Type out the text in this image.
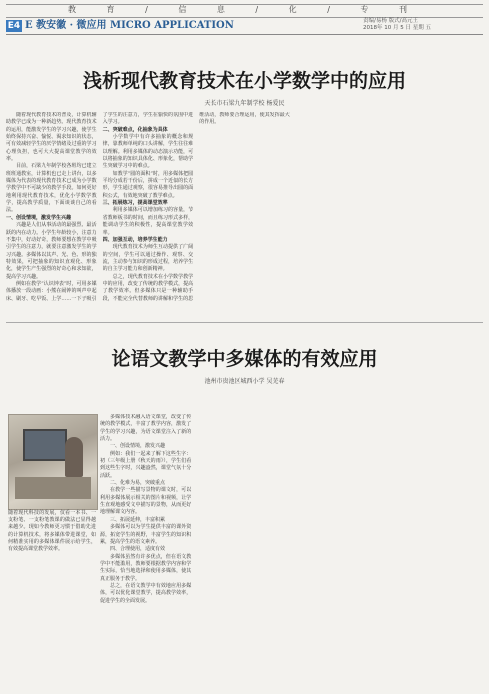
教 育 / 信 息 / 化 / 专 刊
E4 E 教安徽 · 微应用 MICRO APPLICATION	责编/易杨 版式/高元王
2018年 10 月 5 日 星期 五
浅析现代教育技术在小学数学中的应用
天长市石梁九年制学校 杨爱民

随着现代教育技术的普及，计算机辅助教学已成为一种新趋势。现代教育技术的运用，能激发学生的学习兴趣，使学生始终保持兴奋、愉悦、渴求知识的状态，可有效减轻学生的厌学情绪及过重的学习心理负担，也可大大提高课堂教学的效率。

目前，石梁九年制学校各班均已建立班班通教室，计算机也已走上讲台，以多媒体为代表的现代教育技术已成为小学数学教学中不可缺少的教学手段。如何更好地利用现代教育技术，优化小学数学教学，提高教学质量，下面谈谈自己的看法。

一、创设情境，激发学生兴趣

兴趣是人们从事活动的最强烈、最活跃的内在动力。小学生年龄较小，注意力不集中，好动好奇，教师要想在教学中吸引学生的注意力，就要注意激发学生的学习兴趣。多媒体以其声、光、色、形的独特效果，可把抽象的知识直观化、形象化，使学生产生强烈的好奇心和求知欲，提高学习兴趣。

例如在教学“认识钟表”时，可用多媒体播放一段动画：小熊在闹钟的叫声中起床、刷牙、吃早饭、上学……一下子吸引了学生的注意力，学生在愉快的氛围中进入学习。

二、突破难点，化抽象为具体

小学数学中有许多抽象的概念和规律，靠教师单纯的口头讲解，学生往往难以理解。利用多媒体的动态演示功能，可以将抽象的知识具体化、形象化，帮助学生突破学习中的难点。

如教学“圆的面积”时，用多媒体把圆平均分成若干份后，拼成一个近似的长方形，学生通过观察，很容易推导出圆的面积公式，有效地突破了教学难点。

三、拓展练习，提高课堂效率

利用多媒体可以增加练习的容量，节省教师板书的时间，而且练习形式多样，能调动学生的积极性，提高课堂教学效率。

四、加强互动，培养学生能力

现代教育技术为师生互动提供了广阔的空间，学生可以通过操作、观察、交流，主动参与知识的形成过程，培养学生的自主学习能力和创新精神。

总之，现代教育技术在小学数学教学中的应用，改变了传统的教学模式，提高了教学效率。但多媒体只是一种辅助手段，不能完全代替教师的讲解和学生的思维活动，教师要合理运用，使其发挥最大的作用。

论语文教学中多媒体的有效应用
池州市贵池区城西小学 吴芜春
随着现代科技的发展，仅看一本书、一支粉笔、一支粉笔教课的做法已显得越来越少。现如今教师更习惯于借助先进的计算机技术，将多媒体带进课堂，如何精准实用的多媒体课件展示给学生，有效提高课堂教学效率。

多媒体技术融入语文课堂，改变了传统的教学模式，丰富了教学内容，激发了学生的学习兴趣，为语文课堂注入了新的活力。

一、创设情境，激发兴趣

例如：我们一起来了解下这些生字：初（三年级上册《秋天的雨》），学生们看到这些生字时，兴趣盎然，课堂气氛十分活跃。

二、化难为易，突破重点

在教学一些描写景物的课文时，可以利用多媒体展示相关的图片和视频，让学生直观地感受文中描写的景物，从而更好地理解课文内容。

三、拓展延伸，丰富积累

多媒体可以为学生提供丰富的课外资源，拓宽学生的视野，丰富学生的知识积累，提高学生的语文素养。

四、合理使用，适度有效

多媒体虽然有许多优点，但在语文教学中不能滥用，教师要根据教学内容和学生实际，恰当地选择和使用多媒体，使其真正服务于教学。

总之，在语文教学中有效地应用多媒体，可以优化课堂教学，提高教学效率，促进学生的全面发展。
